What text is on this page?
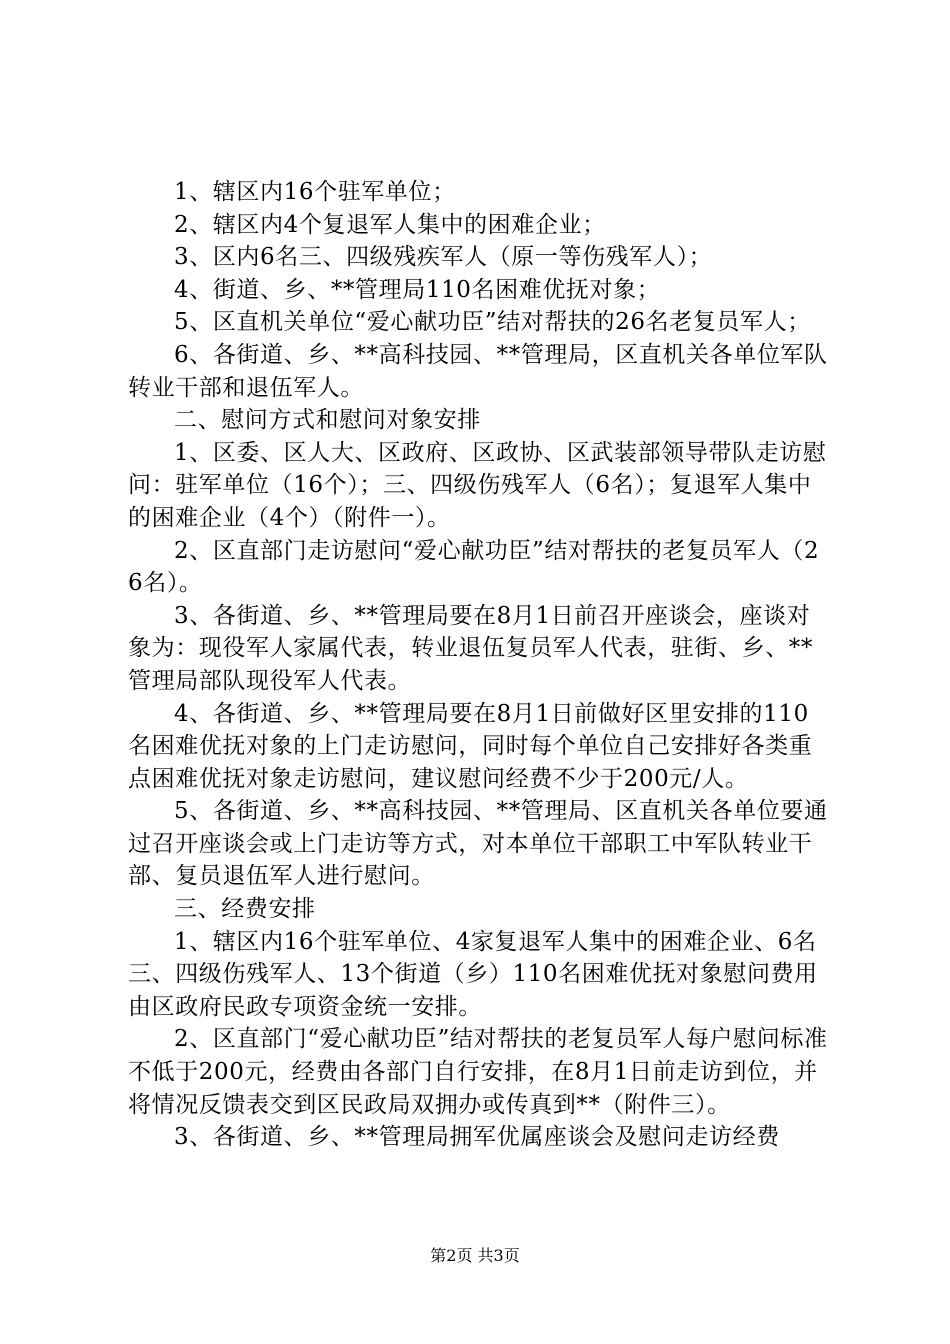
1、辖区内16个驻军单位；

2、辖区内4个复退军人集中的困难企业；

3、区内6名三、四级残疾军人（原一等伤残军人）；

4、街道、乡、**管理局110名困难优抚对象；

5、区直机关单位“爱心献功臣”结对帮扶的26名老复员军人；

6、各街道、乡、**高科技园、**管理局，区直机关各单位军队转业干部和退伍军人。

二、慰问方式和慰问对象安排

1、区委、区人大、区政府、区政协、区武装部领导带队走访慰问：驻军单位（16个）；三、四级伤残军人（6名）；复退军人集中的困难企业（4个）（附件一）。

2、区直部门走访慰问“爱心献功臣”结对帮扶的老复员军人（26名）。

3、各街道、乡、**管理局要在8月1日前召开座谈会，座谈对象为：现役军人家属代表，转业退伍复员军人代表，驻街、乡、**管理局部队现役军人代表。

4、各街道、乡、**管理局要在8月1日前做好区里安排的110名困难优抚对象的上门走访慰问，同时每个单位自己安排好各类重点困难优抚对象走访慰问，建议慰问经费不少于200元/人。

5、各街道、乡、**高科技园、**管理局、区直机关各单位要通过召开座谈会或上门走访等方式，对本单位干部职工中军队转业干部、复员退伍军人进行慰问。

三、经费安排

1、辖区内16个驻军单位、4家复退军人集中的困难企业、6名三、四级伤残军人、13个街道（乡）110名困难优抚对象慰问费用由区政府民政专项资金统一安排。

2、区直部门“爱心献功臣”结对帮扶的老复员军人每户慰问标准不低于200元，经费由各部门自行安排，在8月1日前走访到位，并将情况反馈表交到区民政局双拥办或传真到**（附件三）。

3、各街道、乡、**管理局拥军优属座谈会及慰问走访经费

第2页 共3页
